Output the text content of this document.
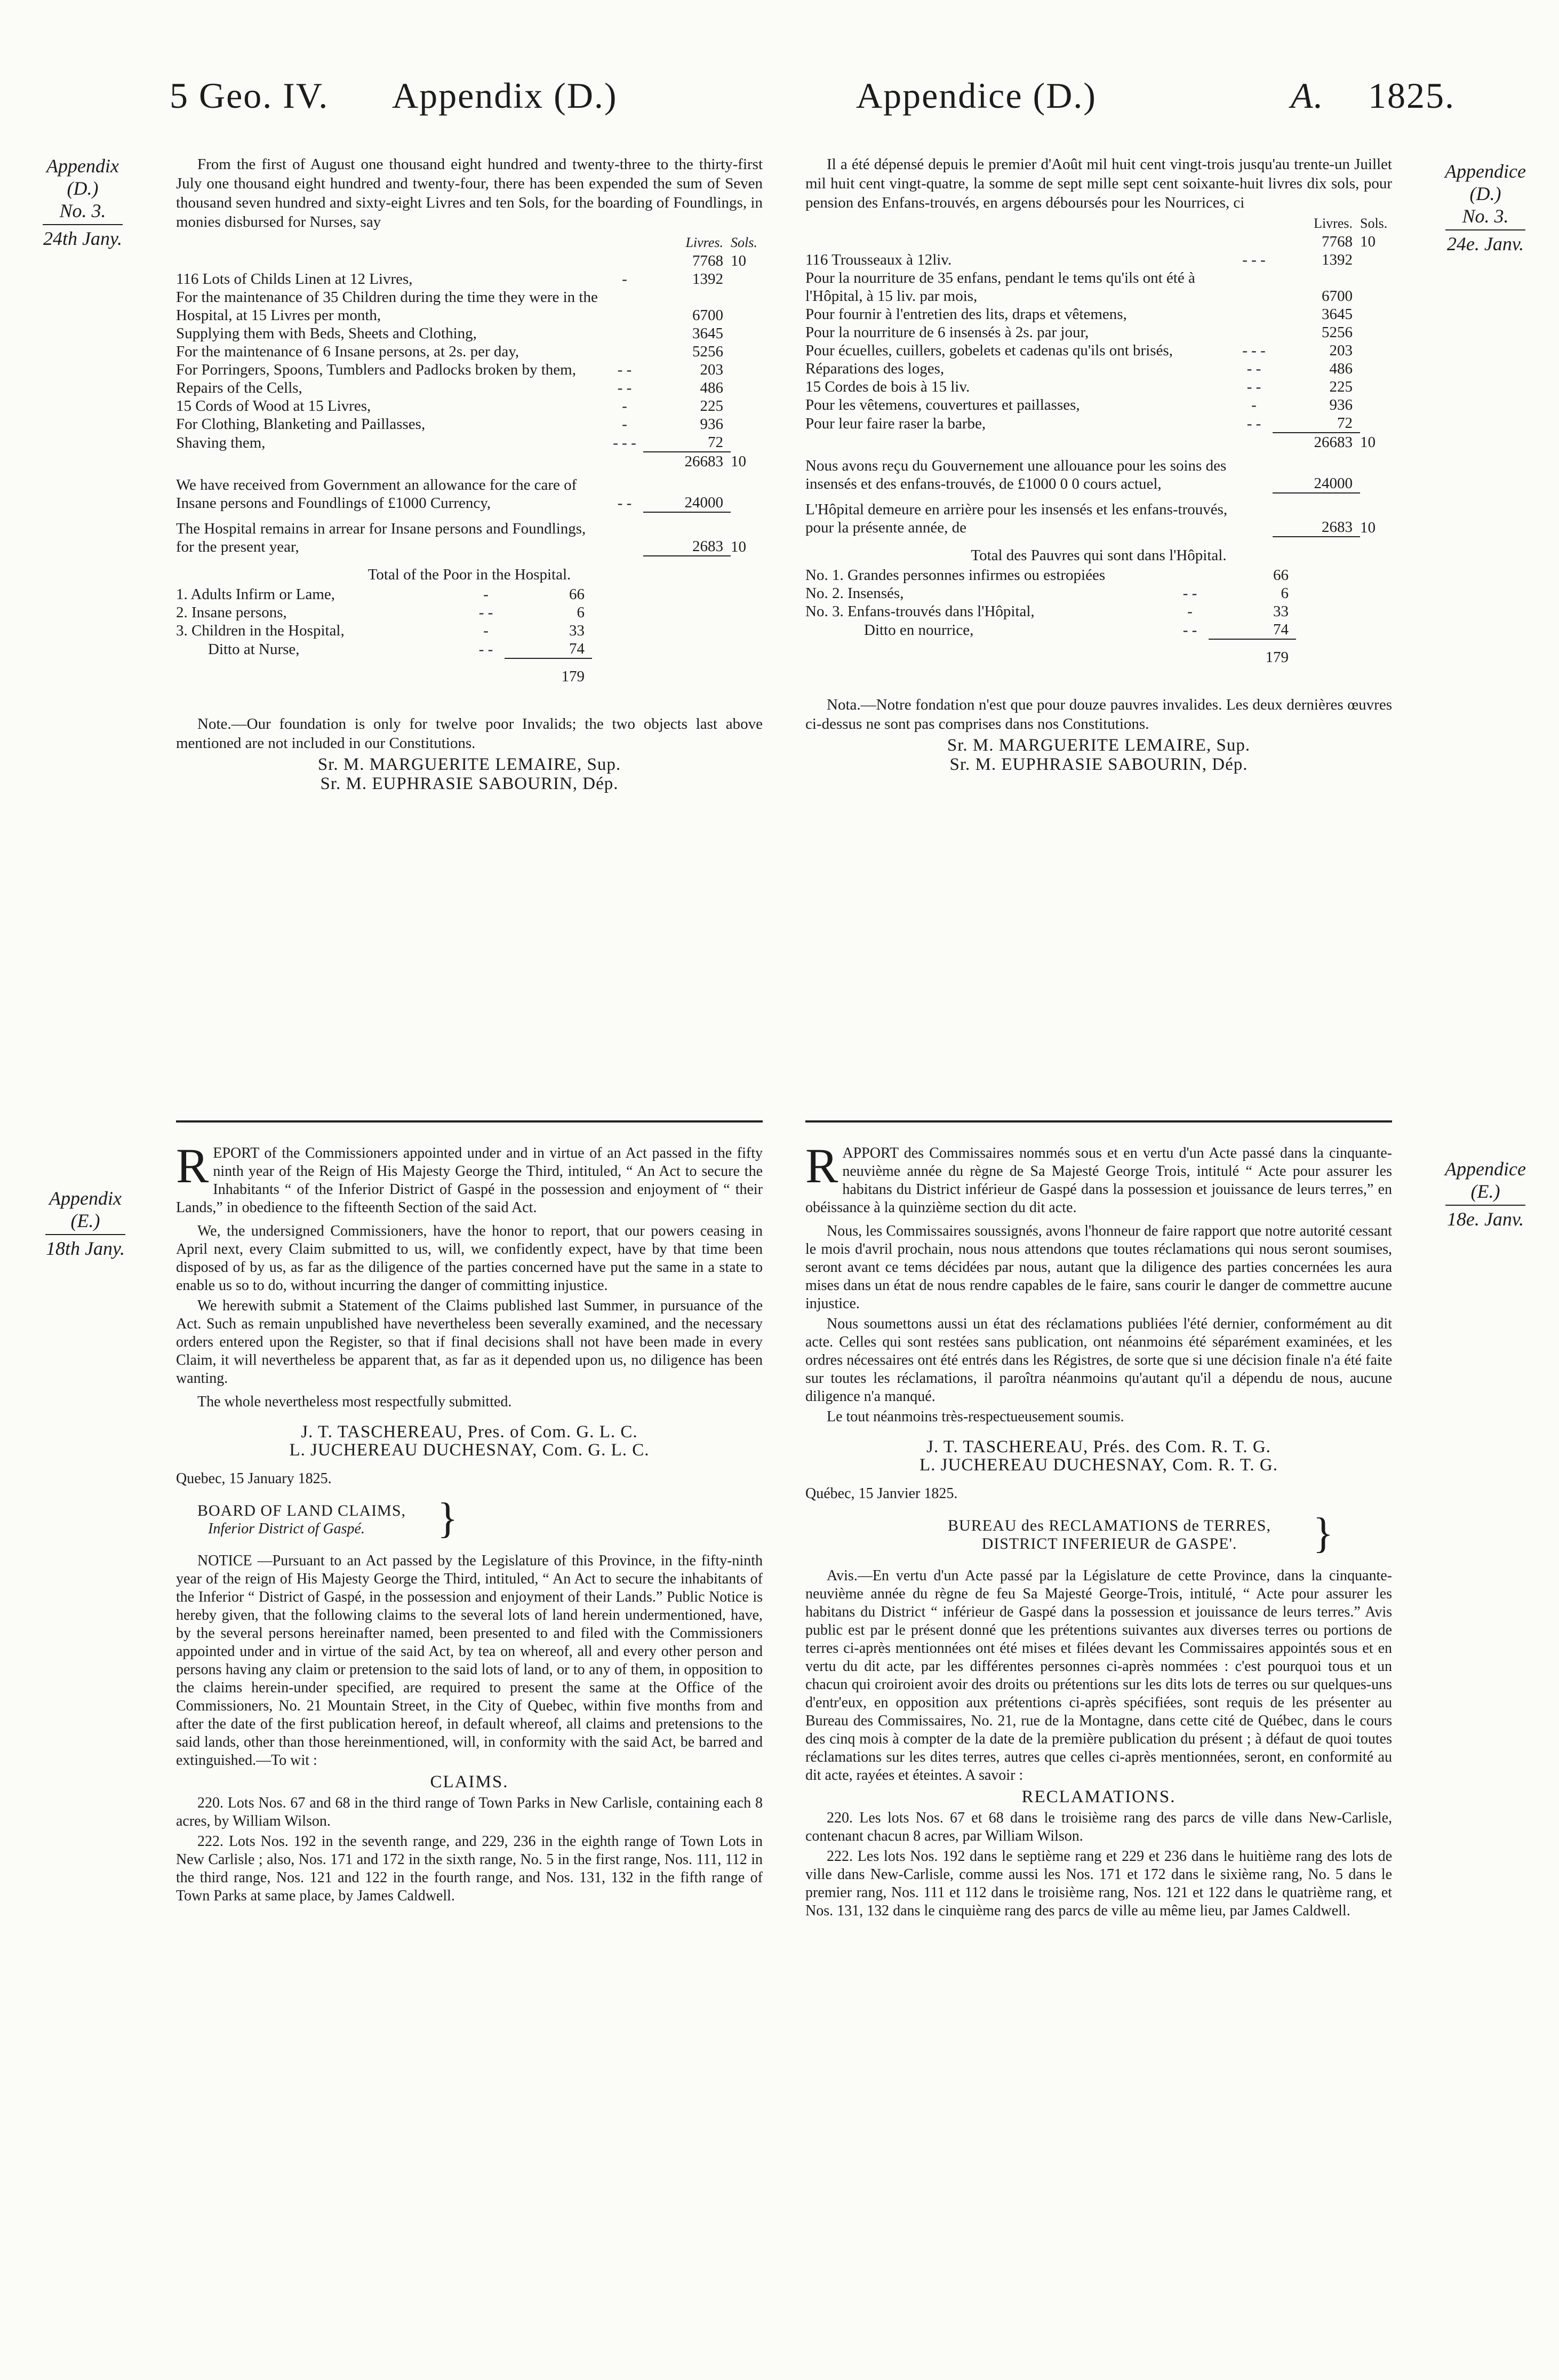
5 Geo. IV. Appendix (D.)	Appendice (D.)	A. 1825.
Appendix
(D.)
No. 3.
24th Jany.
Appendice
(D.)
No. 3.
24e. Janv.

From the first of August one thousand eight hundred and twenty-three to the thirty-first July one thousand eight hundred and twenty-four, there has been expended the sum of Seven thousand seven hundred and sixty-eight Livres and ten Sols, for the boarding of Foundlings, in monies disbursed for Nurses, say

		Livres.	Sols.
		7768	10
116 Lots of Childs Linen at 12 Livres,	-	1392	
For the maintenance of 35 Children during the time they were in the Hospital, at 15 Livres per month,		6700	
Supplying them with Beds, Sheets and Clothing,		3645	
For the maintenance of 6 Insane persons, at 2s. per day,		5256	
For Porringers, Spoons, Tumblers and Padlocks broken by them,	- -	203	
Repairs of the Cells,	- -	486	
15 Cords of Wood at 15 Livres,	-	225	
For Clothing, Blanketing and Paillasses,	-	936	
Shaving them,	- - -	72	
		26683	10
We have received from Government an allowance for the care of Insane persons and Foundlings of £1000 Currency,	- -	24000	
The Hospital remains in arrear for Insane persons and Foundlings, for the present year,		2683	10
Total of the Poor in the Hospital.
1. Adults Infirm or Lame,	-	66
2. Insane persons,	- -	6
3. Children in the Hospital,	-	33
Ditto at Nurse,	- -	74
		179

Note.—Our foundation is only for twelve poor Invalids; the two objects last above mentioned are not included in our Constitutions.

Sr. M. MARGUERITE LEMAIRE, Sup.
Sr. M. EUPHRASIE SABOURIN, Dép.

Il a été dépensé depuis le premier d'Août mil huit cent vingt-trois jusqu'au trente-un Juillet mil huit cent vingt-quatre, la somme de sept mille sept cent soixante-huit livres dix sols, pour pension des Enfans-trouvés, en argens déboursés pour les Nourrices, ci

		Livres.	Sols.
		7768	10
116 Trousseaux à 12liv.	- - -	1392	
Pour la nourriture de 35 enfans, pendant le tems qu'ils ont été à l'Hôpital, à 15 liv. par mois,		6700	
Pour fournir à l'entretien des lits, draps et vêtemens,		3645	
Pour la nourriture de 6 insensés à 2s. par jour,		5256	
Pour écuelles, cuillers, gobelets et cadenas qu'ils ont brisés,	- - -	203	
Réparations des loges,	- -	486	
15 Cordes de bois à 15 liv.	- -	225	
Pour les vêtemens, couvertures et paillasses,	-	936	
Pour leur faire raser la barbe,	- -	72	
		26683	10
Nous avons reçu du Gouvernement une allouance pour les soins des insensés et des enfans-trouvés, de £1000 0 0 cours actuel,		24000	
L'Hôpital demeure en arrière pour les insensés et les enfans-trouvés, pour la présente année, de		2683	10
Total des Pauvres qui sont dans l'Hôpital.
No. 1. Grandes personnes infirmes ou estropiées		66
No. 2. Insensés,	- -	6
No. 3. Enfans-trouvés dans l'Hôpital,	-	33
Ditto en nourrice,	- -	74
		179

Nota.—Notre fondation n'est que pour douze pauvres invalides. Les deux dernières œuvres ci-dessus ne sont pas comprises dans nos Constitutions.

Sr. M. MARGUERITE LEMAIRE, Sup.
Sr. M. EUPHRASIE SABOURIN, Dép.
Appendix
(E.)
18th Jany.
Appendice
(E.)
18e. Janv.

REPORT of the Commissioners appointed under and in virtue of an Act passed in the fifty ninth year of the Reign of His Majesty George the Third, intituled, “ An Act to secure the Inhabitants “ of the Inferior District of Gaspé in the possession and enjoyment of “ their Lands,” in obedience to the fifteenth Section of the said Act.

We, the undersigned Commissioners, have the honor to report, that our powers ceasing in April next, every Claim submitted to us, will, we confidently expect, have by that time been disposed of by us, as far as the diligence of the parties concerned have put the same in a state to enable us so to do, without incurring the danger of committing injustice.

We herewith submit a Statement of the Claims published last Summer, in pursuance of the Act. Such as remain unpublished have nevertheless been severally examined, and the necessary orders entered upon the Register, so that if final decisions shall not have been made in every Claim, it will nevertheless be apparent that, as far as it depended upon us, no diligence has been wanting.

The whole nevertheless most respectfully submitted.

J. T. TASCHEREAU, Pres. of Com. G. L. C.
L. JUCHEREAU DUCHESNAY, Com. G. L. C.

Quebec, 15 January 1825.

BOARD OF LAND CLAIMS,
Inferior District of Gaspé.	}

NOTICE —Pursuant to an Act passed by the Legislature of this Province, in the fifty-ninth year of the reign of His Majesty George the Third, intituled, “ An Act to secure the inhabitants of the Inferior “ District of Gaspé, in the possession and enjoyment of their Lands.” Public Notice is hereby given, that the following claims to the several lots of land herein undermentioned, have, by the several persons hereinafter named, been presented to and filed with the Commissioners appointed under and in virtue of the said Act, by tea on whereof, all and every other person and persons having any claim or pretension to the said lots of land, or to any of them, in opposition to the claims herein-under specified, are required to present the same at the Office of the Commissioners, No. 21 Mountain Street, in the City of Quebec, within five months from and after the date of the first publication hereof, in default whereof, all claims and pretensions to the said lands, other than those hereinmentioned, will, in conformity with the said Act, be barred and extinguished.—To wit :

CLAIMS.

220. Lots Nos. 67 and 68 in the third range of Town Parks in New Carlisle, containing each 8 acres, by William Wilson.

222. Lots Nos. 192 in the seventh range, and 229, 236 in the eighth range of Town Lots in New Carlisle ; also, Nos. 171 and 172 in the sixth range, No. 5 in the first range, Nos. 111, 112 in the third range, Nos. 121 and 122 in the fourth range, and Nos. 131, 132 in the fifth range of Town Parks at same place, by James Caldwell.

RAPPORT des Commissaires nommés sous et en vertu d'un Acte passé dans la cinquante-neuvième année du règne de Sa Majesté George Trois, intitulé “ Acte pour assurer les habitans du District inférieur de Gaspé dans la possession et jouissance de leurs terres,” en obéissance à la quinzième section du dit acte.

Nous, les Commissaires soussignés, avons l'honneur de faire rapport que notre autorité cessant le mois d'avril prochain, nous nous attendons que toutes réclamations qui nous seront soumises, seront avant ce tems décidées par nous, autant que la diligence des parties concernées les aura mises dans un état de nous rendre capables de le faire, sans courir le danger de commettre aucune injustice.

Nous soumettons aussi un état des réclamations publiées l'été dernier, conformément au dit acte. Celles qui sont restées sans publication, ont néanmoins été séparément examinées, et les ordres nécessaires ont été entrés dans les Régistres, de sorte que si une décision finale n'a été faite sur toutes les réclamations, il paroîtra néanmoins qu'autant qu'il a dépendu de nous, aucune diligence n'a manqué.

Le tout néanmoins très-respectueusement soumis.

J. T. TASCHEREAU, Prés. des Com. R. T. G.
L. JUCHEREAU DUCHESNAY, Com. R. T. G.

Québec, 15 Janvier 1825.

BUREAU des RECLAMATIONS de TERRES,
DISTRICT INFERIEUR de GASPE'.	}

Avis.—En vertu d'un Acte passé par la Législature de cette Province, dans la cinquante-neuvième année du règne de feu Sa Majesté George-Trois, intitulé, “ Acte pour assurer les habitans du District “ inférieur de Gaspé dans la possession et jouissance de leurs terres.” Avis public est par le présent donné que les prétentions suivantes aux diverses terres ou portions de terres ci-après mentionnées ont été mises et filées devant les Commissaires appointés sous et en vertu du dit acte, par les différentes personnes ci-après nommées : c'est pourquoi tous et un chacun qui croiroient avoir des droits ou prétentions sur les dits lots de terres ou sur quelques-uns d'entr'eux, en opposition aux prétentions ci-après spécifiées, sont requis de les présenter au Bureau des Commissaires, No. 21, rue de la Montagne, dans cette cité de Québec, dans le cours des cinq mois à compter de la date de la première publication du présent ; à défaut de quoi toutes réclamations sur les dites terres, autres que celles ci-après mentionnées, seront, en conformité au dit acte, rayées et éteintes. A savoir :

RECLAMATIONS.

220. Les lots Nos. 67 et 68 dans le troisième rang des parcs de ville dans New-Carlisle, contenant chacun 8 acres, par William Wilson.

222. Les lots Nos. 192 dans le septième rang et 229 et 236 dans le huitième rang des lots de ville dans New-Carlisle, comme aussi les Nos. 171 et 172 dans le sixième rang, No. 5 dans le premier rang, Nos. 111 et 112 dans le troisième rang, Nos. 121 et 122 dans le quatrième rang, et Nos. 131, 132 dans le cinquième rang des parcs de ville au même lieu, par James Caldwell.
